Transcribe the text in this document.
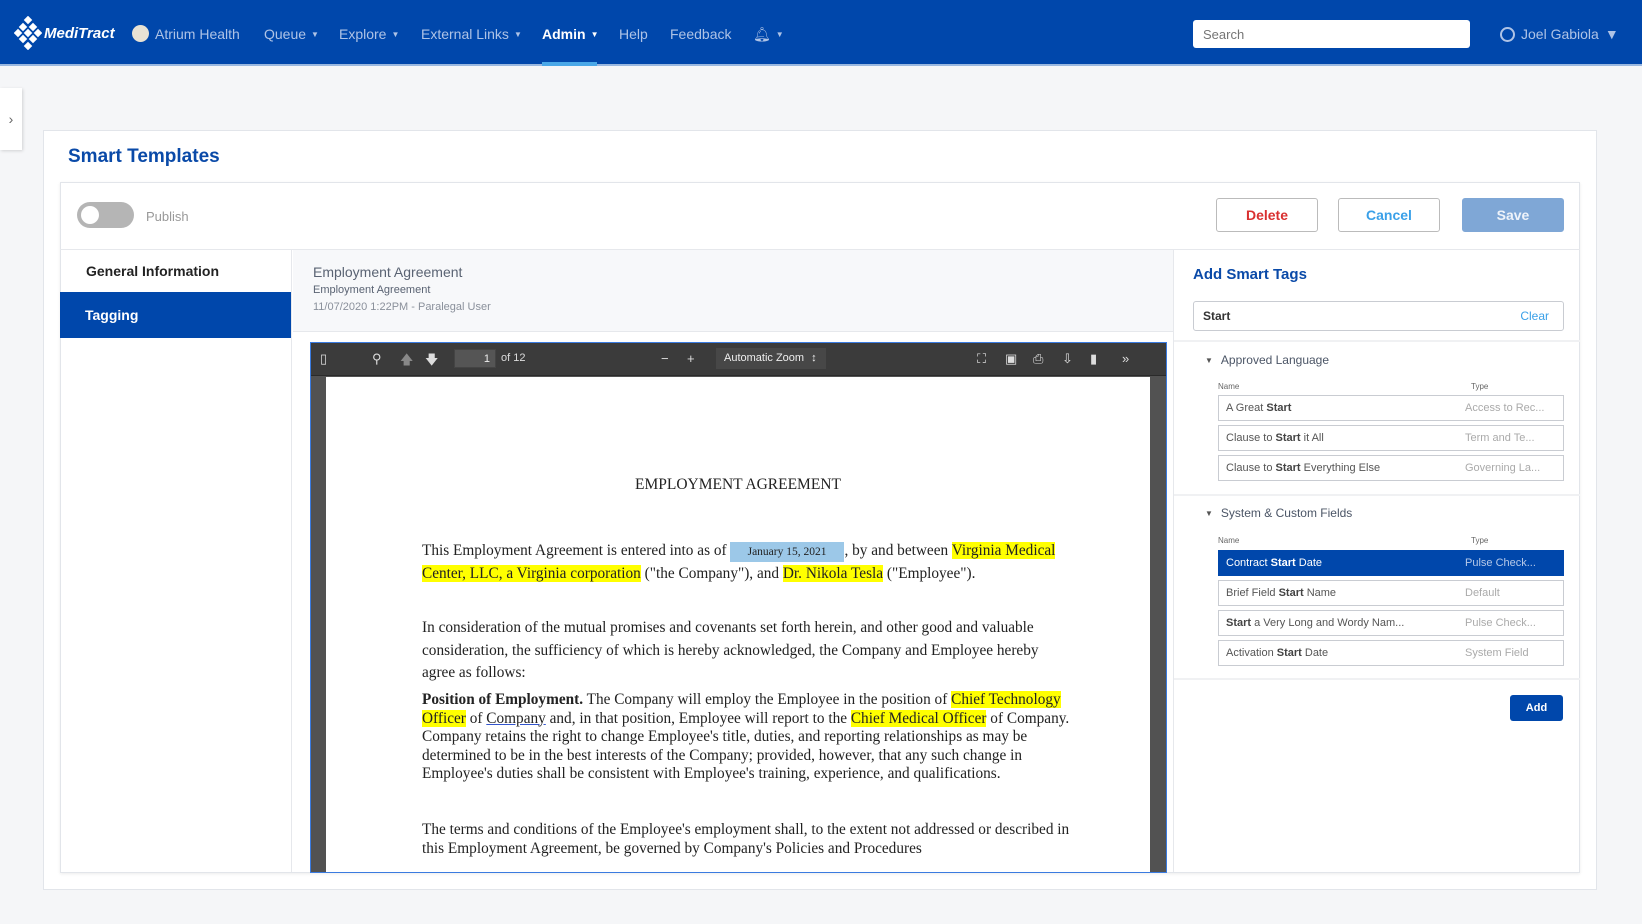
MediTract	Atrium Health Queue ▼ Explore ▼ External Links ▼ Admin ▼ Help Feedback 🔔︎ ▼
Search	Joel Gabiola ▼
›
Smart Templates
Publish	Delete	Cancel	Save
General Information
Tagging
Employment Agreement
Employment Agreement
11/07/2020 1:22PM - Paralegal User
▯	⚲ 🡅 🡇	1	of 12	− +	Automatic Zoom ↕	⛶ ▣ ⎙ ⇩ ▮ »
EMPLOYMENT AGREEMENT

This Employment Agreement is entered into as of January 15, 2021 , by and between Virginia Medical Center, LLC, a Virginia corporation ("the Company"), and Dr. Nikola Tesla ("Employee").

In consideration of the mutual promises and covenants set forth herein, and other good and valuable consideration, the sufficiency of which is hereby acknowledged, the Company and Employee hereby agree as follows:

Position of Employment. The Company will employ the Employee in the position of Chief Technology Officer of Company and, in that position, Employee will report to the Chief Medical Officer of Company. Company retains the right to change Employee's title, duties, and reporting relationships as may be determined to be in the best interests of the Company; provided, however, that any such change in Employee's duties shall be consistent with Employee's training, experience, and qualifications.

The terms and conditions of the Employee's employment shall, to the extent not addressed or described in this Employment Agreement, be governed by Company's Policies and Procedures

Add Smart Tags
Start	Clear
▼ Approved Language
Name	Type
A Great Start	Access to Rec...
Clause to Start it All	Term and Te...
Clause to Start Everything Else	Governing La...
▼ System & Custom Fields
Name	Type
Contract Start Date	Pulse Check...
Brief Field Start Name	Default
Start a Very Long and Wordy Nam...	Pulse Check...
Activation Start Date	System Field
Add
